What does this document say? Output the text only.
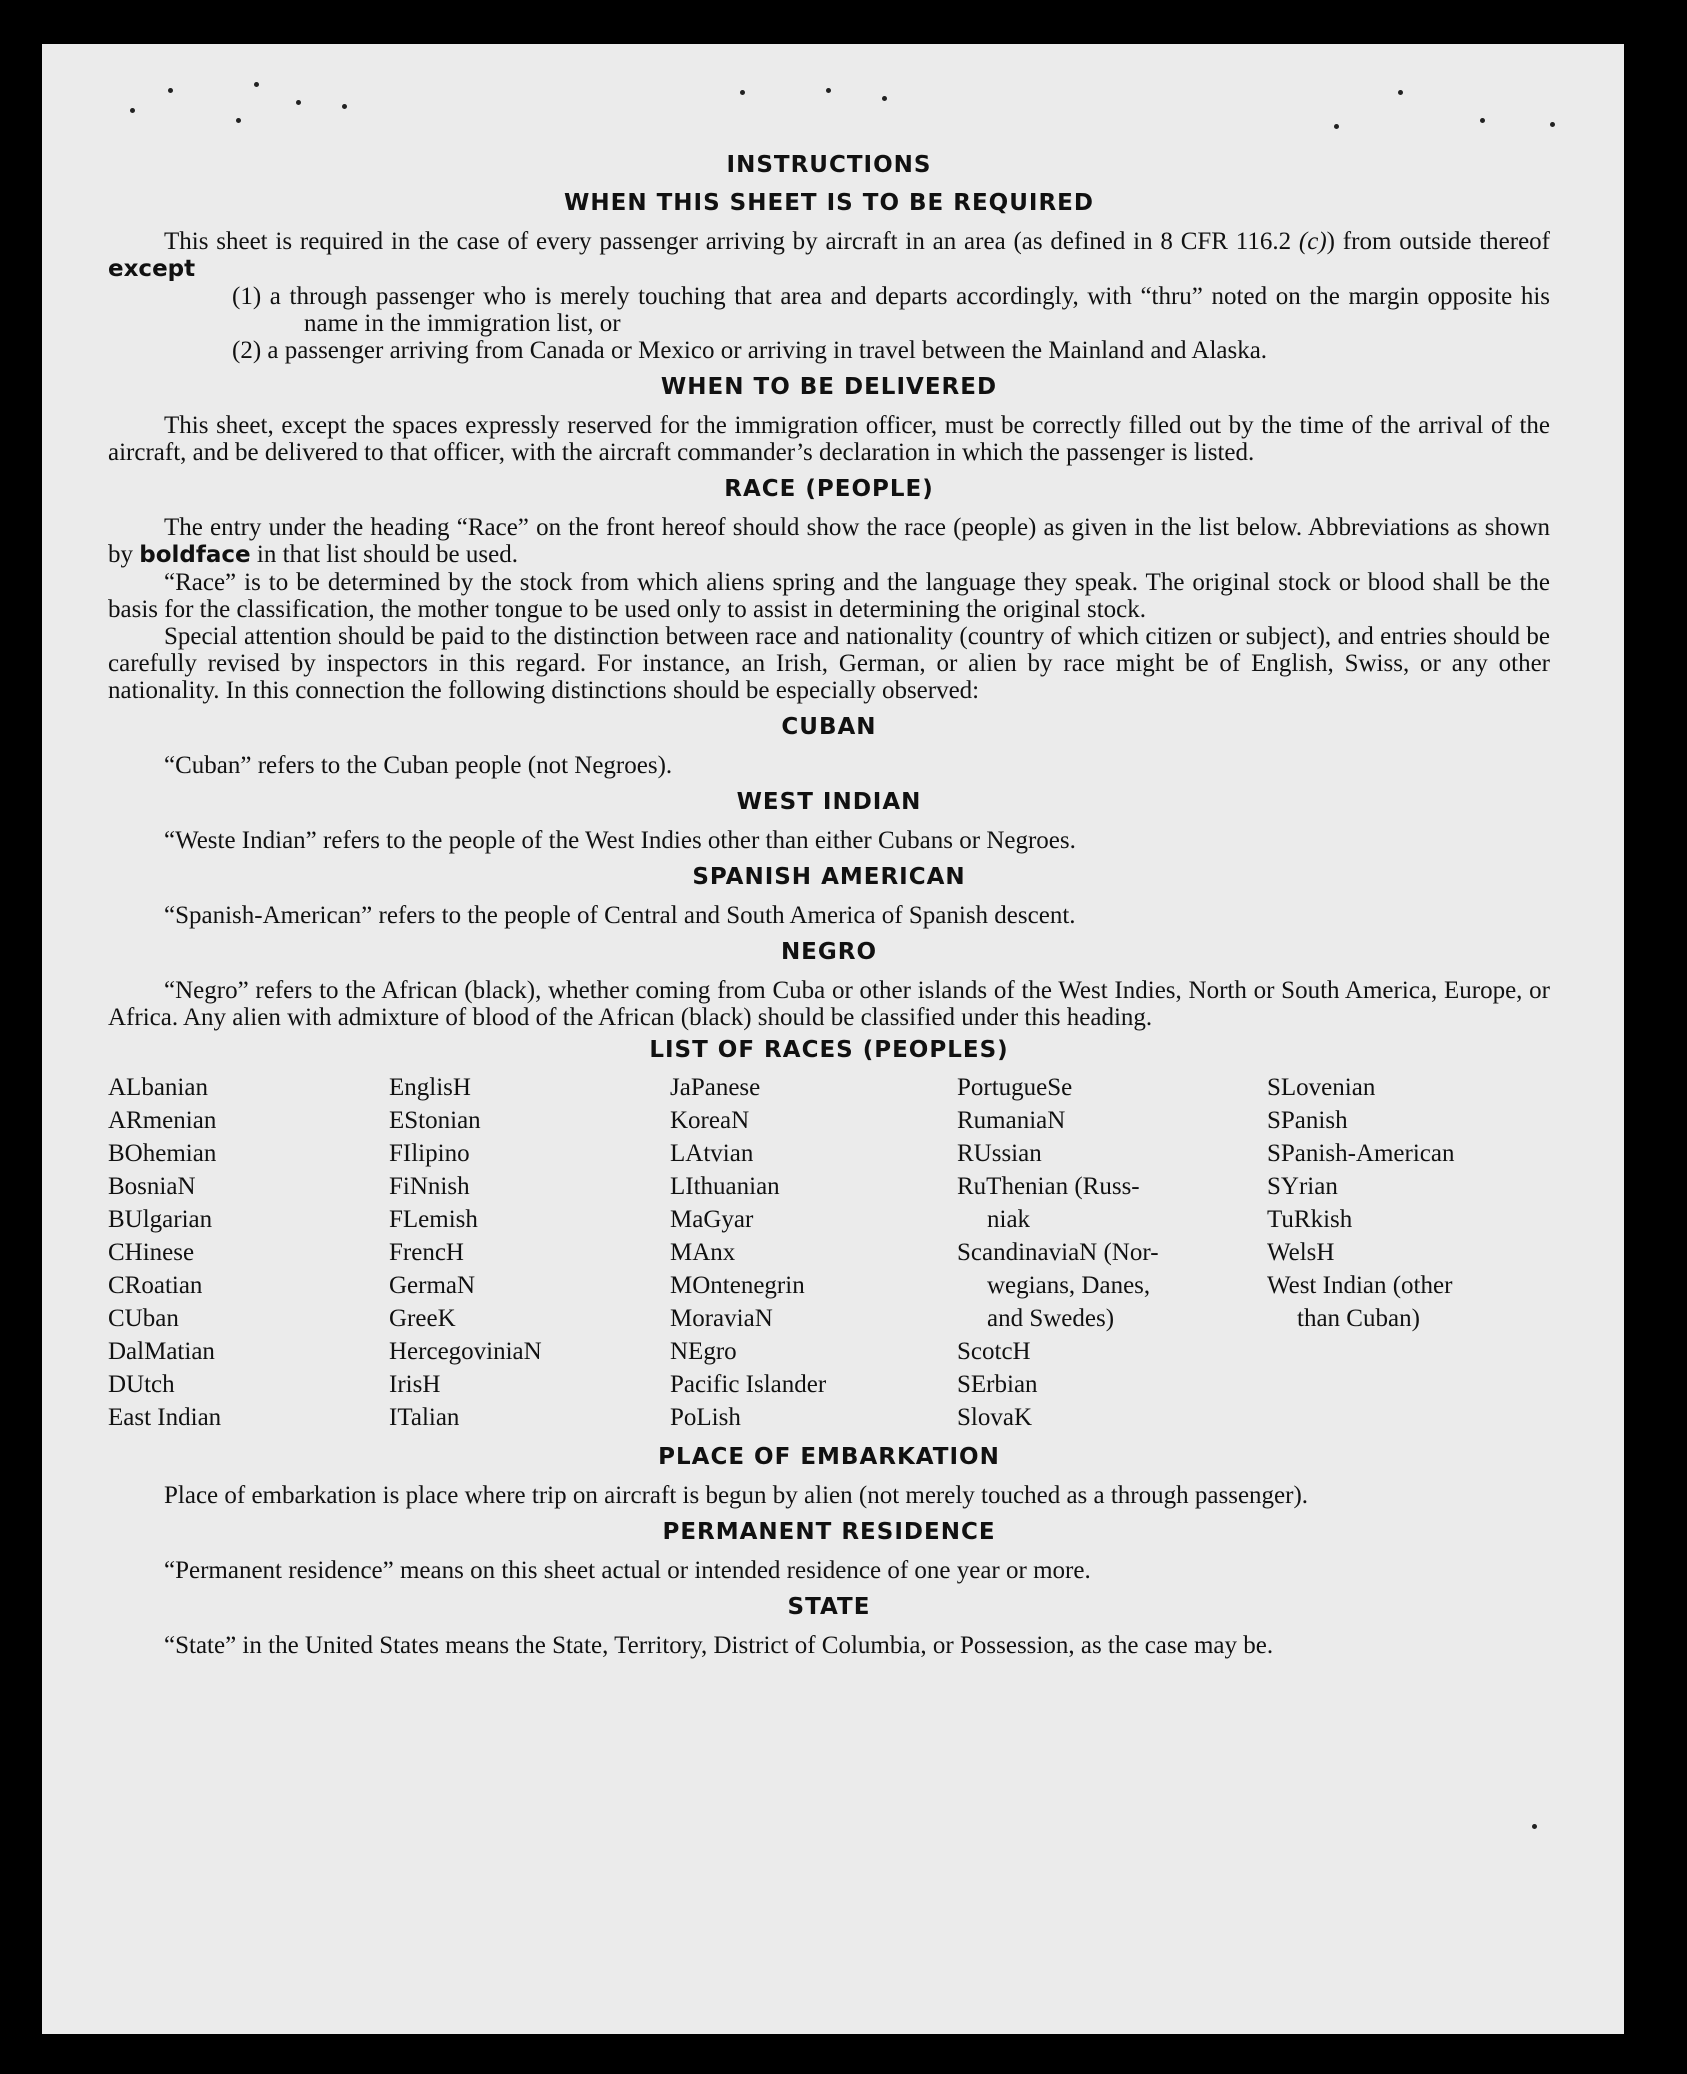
INSTRUCTIONS
WHEN THIS SHEET IS TO BE REQUIRED

This sheet is required in the case of every passenger arriving by aircraft in an area (as defined in 8 CFR 116.2 (c)) from outside thereof except

(1) a through passenger who is merely touching that area and departs accordingly, with “thru” noted on the margin opposite his name in the immigration list, or

(2) a passenger arriving from Canada or Mexico or arriving in travel between the Mainland and Alaska.

WHEN TO BE DELIVERED

This sheet, except the spaces expressly reserved for the immigration officer, must be correctly filled out by the time of the arrival of the aircraft, and be delivered to that officer, with the aircraft commander’s declaration in which the passenger is listed.

RACE (PEOPLE)

The entry under the heading “Race” on the front hereof should show the race (people) as given in the list below. Abbreviations as shown by boldface in that list should be used.

“Race” is to be determined by the stock from which aliens spring and the language they speak. The original stock or blood shall be the basis for the classification, the mother tongue to be used only to assist in determining the original stock.

Special attention should be paid to the distinction between race and nationality (country of which citizen or subject), and entries should be carefully revised by inspectors in this regard. For instance, an Irish, German, or alien by race might be of English, Swiss, or any other nationality. In this connection the following distinctions should be especially observed:

CUBAN

“Cuban” refers to the Cuban people (not Negroes).

WEST INDIAN

“Weste Indian” refers to the people of the West Indies other than either Cubans or Negroes.

SPANISH AMERICAN

“Spanish-American” refers to the people of Central and South America of Spanish descent.

NEGRO

“Negro” refers to the African (black), whether coming from Cuba or other islands of the West Indies, North or South America, Europe, or Africa. Any alien with admixture of blood of the African (black) should be classified under this heading.

LIST OF RACES (PEOPLES)
ALbanian
ARmenian
BOhemian
BosniaN
BUlgarian
CHinese
CRoatian
CUban
DalMatian
DUtch
East Indian
EnglisH
EStonian
FIlipino
FiNnish
FLemish
FrencH
GermaN
GreeK
HercegoviniaN
IrisH
ITalian
JaPanese
KoreaN
LAtvian
LIthuanian
MaGyar
MAnx
MOntenegrin
MoraviaN
NEgro
Pacific Islander
PoLish
PortugueSe
RumaniaN
RUssian
RuThenian (Russ-
niak
ScandinaviaN (Nor-
wegians, Danes,
and Swedes)
ScotcH
SErbian
SlovaK
SLovenian
SPanish
SPanish-American
SYrian
TuRkish
WelsH
West Indian (other
than Cuban)
PLACE OF EMBARKATION

Place of embarkation is place where trip on aircraft is begun by alien (not merely touched as a through passenger).

PERMANENT RESIDENCE

“Permanent residence” means on this sheet actual or intended residence of one year or more.

STATE

“State” in the United States means the State, Territory, District of Columbia, or Possession, as the case may be.
